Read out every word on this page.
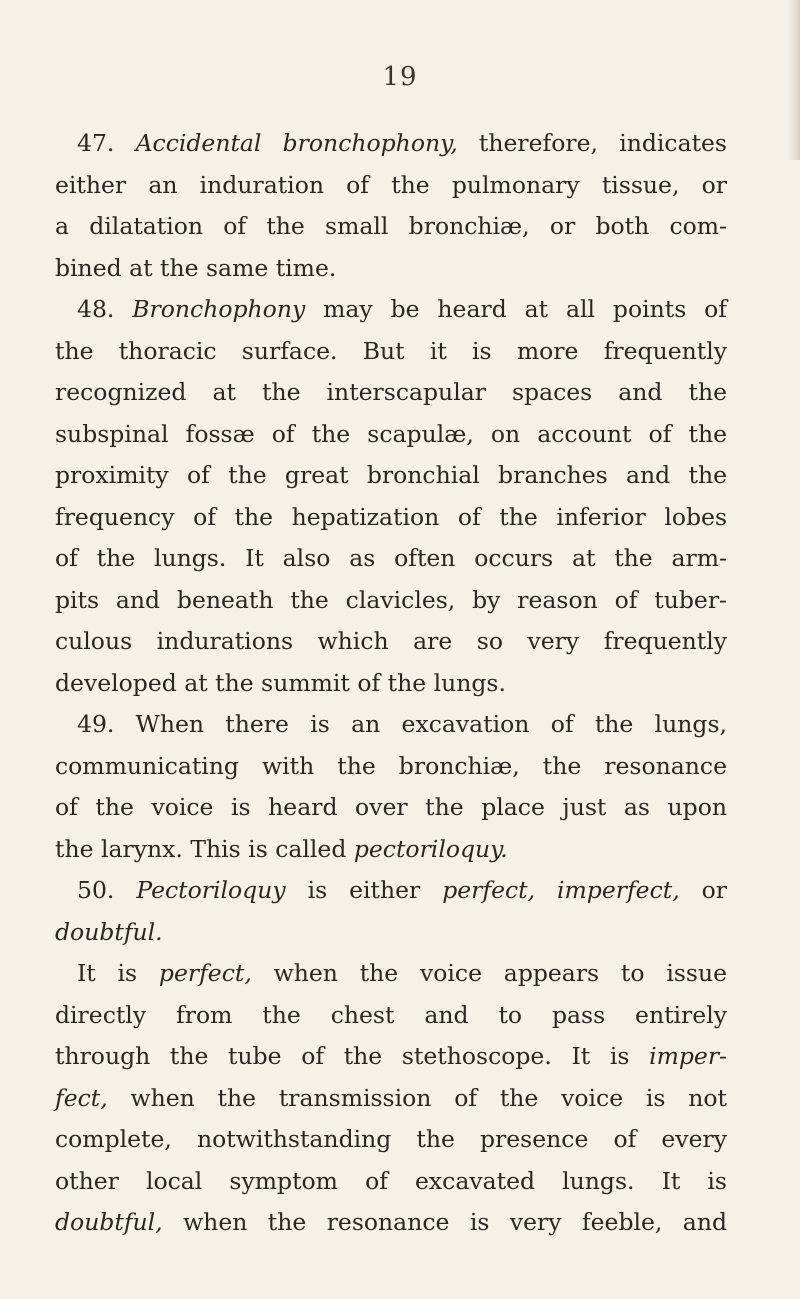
19
47. Accidental bronchophony, therefore, indicates
either an induration of the pulmonary tissue, or
a dilatation of the small bronchiæ, or both com-
bined at the same time.
48. Bronchophony may be heard at all points of
the thoracic surface. But it is more frequently
recognized at the interscapular spaces and the
subspinal fossæ of the scapulæ, on account of the
proximity of the great bronchial branches and the
frequency of the hepatization of the inferior lobes
of the lungs. It also as often occurs at the arm-
pits and beneath the clavicles, by reason of tuber-
culous indurations which are so very frequently
developed at the summit of the lungs.
49. When there is an excavation of the lungs,
communicating with the bronchiæ, the resonance
of the voice is heard over the place just as upon
the larynx. This is called pectoriloquy.
50. Pectoriloquy is either perfect, imperfect, or
doubtful.
It is perfect, when the voice appears to issue
directly from the chest and to pass entirely
through the tube of the stethoscope. It is imper-
fect, when the transmission of the voice is not
complete, notwithstanding the presence of every
other local symptom of excavated lungs. It is
doubtful, when the resonance is very feeble, and
